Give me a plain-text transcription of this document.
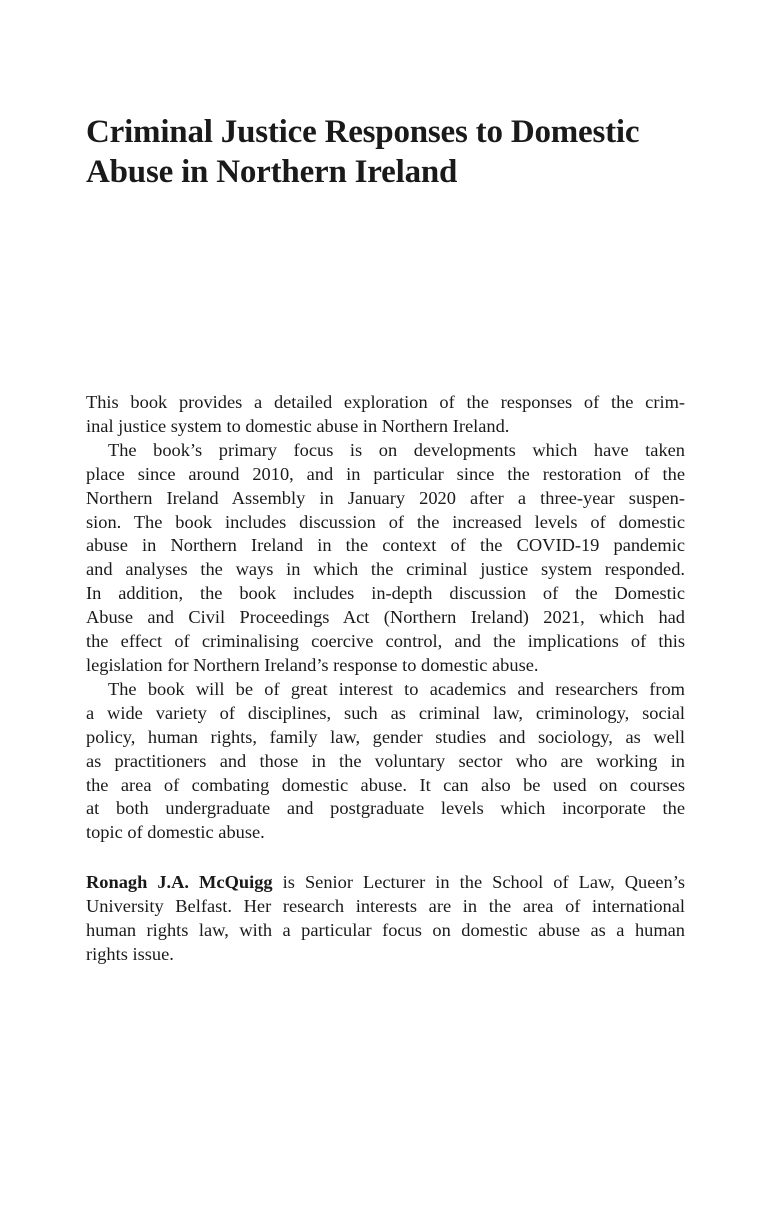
Criminal Justice Responses to Domestic
Abuse in Northern Ireland

This book provides a detailed exploration of the responses of the crim-
inal justice system to domestic abuse in Northern Ireland.

The book’s primary focus is on developments which have taken
place since around 2010, and in particular since the restoration of the
Northern Ireland Assembly in January 2020 after a three-year suspen-
sion. The book includes discussion of the increased levels of domestic
abuse in Northern Ireland in the context of the COVID-19 pandemic
and analyses the ways in which the criminal justice system responded.
In addition, the book includes in-depth discussion of the Domestic
Abuse and Civil Proceedings Act (Northern Ireland) 2021, which had
the effect of criminalising coercive control, and the implications of this
legislation for Northern Ireland’s response to domestic abuse.

The book will be of great interest to academics and researchers from
a wide variety of disciplines, such as criminal law, criminology, social
policy, human rights, family law, gender studies and sociology, as well
as practitioners and those in the voluntary sector who are working in
the area of combating domestic abuse. It can also be used on courses
at both undergraduate and postgraduate levels which incorporate the
topic of domestic abuse.

Ronagh J.A. McQuigg is Senior Lecturer in the School of Law, Queen’s
University Belfast. Her research interests are in the area of international
human rights law, with a particular focus on domestic abuse as a human
rights issue.
